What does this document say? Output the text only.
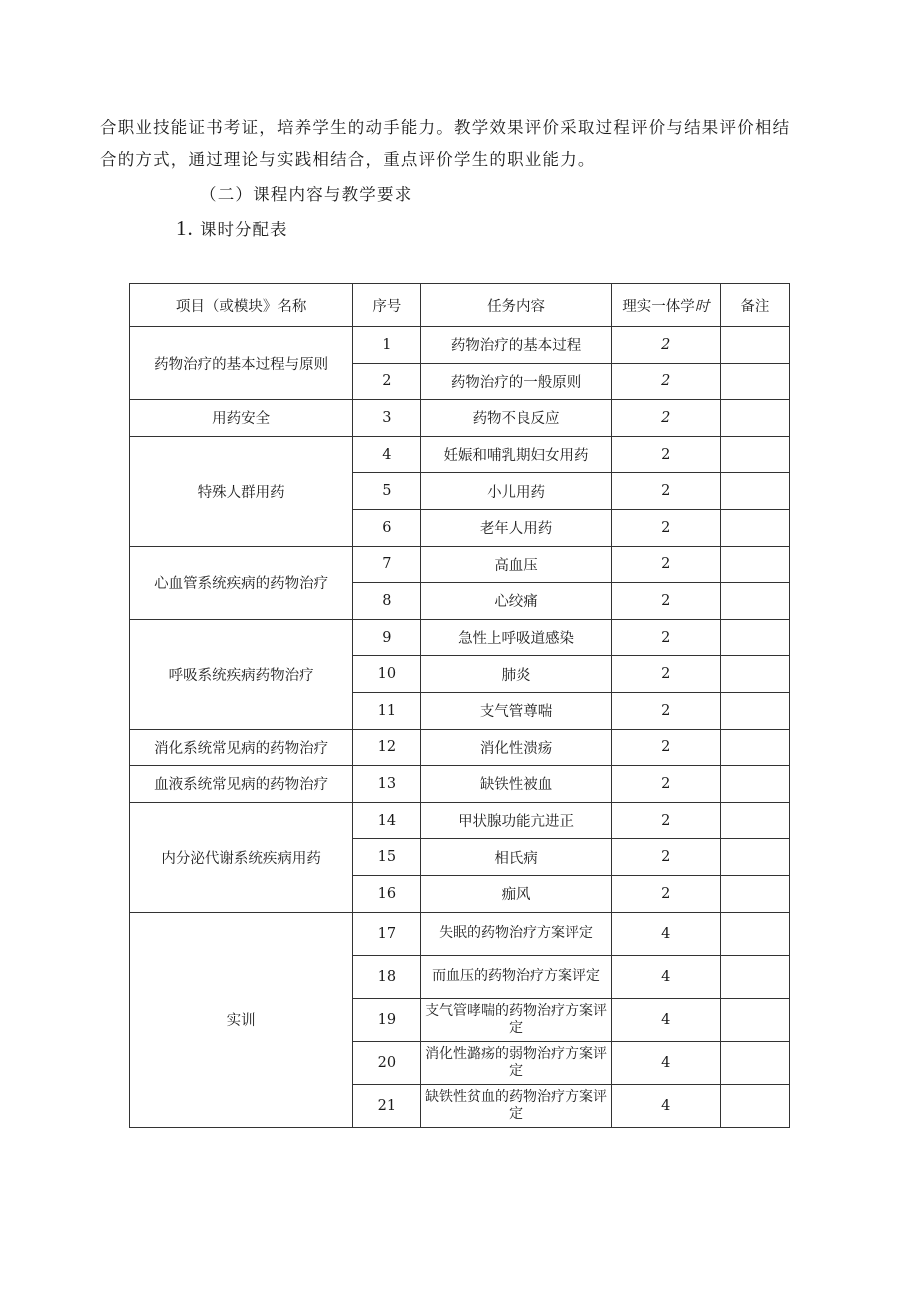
合职业技能证书考证，培养学生的动手能力。教学效果评价采取过程评价与结果评价相结

合的方式，通过理论与实践相结合，重点评价学生的职业能力。

（二）课程内容与教学要求
1. 课时分配表
项目（或模块》名称	序号	任务内容	理实一体学时	备注
药物治疗的基本过程与原则	1	药物治疗的基本过程	2	
	2	药物治疗的一般原则	2	
用药安全	3	药物不良反应	2	
特殊人群用药	4	妊娠和哺乳期妇女用药	2	
	5	小儿用药	2	
	6	老年人用药	2	
心血管系统疾病的药物治疗	7	高血压	2	
	8	心绞痛	2	
呼吸系统疾病药物治疗	9	急性上呼吸道感染	2	
	10	肺炎	2	
	11	支气管尊喘	2	
消化系统常见病的药物治疗	12	消化性溃疡	2	
血液系统常见病的药物治疗	13	缺铁性被血	2	
内分泌代谢系统疾病用药	14	甲状腺功能亢进正	2	
	15	相氏病	2	
	16	痂风	2	
实训	17	失眠的药物治疗方案评定	4	
	18	而血压的药物治疗方案评定	4	
	19	支气管哮喘的药物治疗方案评定	4	
	20	消化性潞疡的弱物治疗方案评定	4	
	21	缺铁性贫血的药物治疗方案评定	4	
